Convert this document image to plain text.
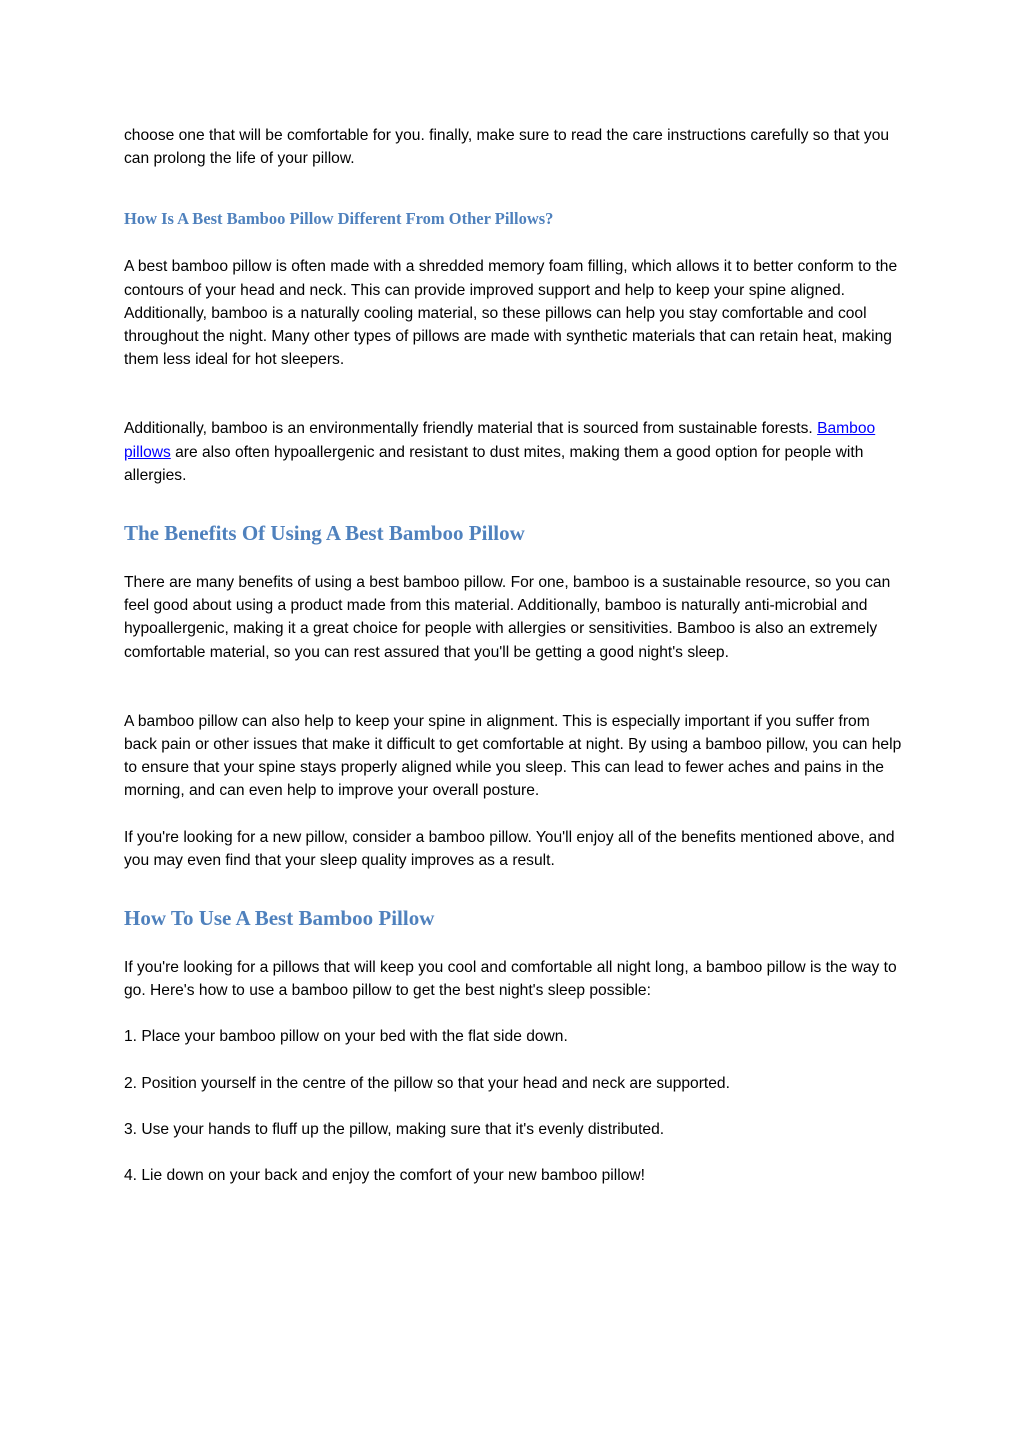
choose one that will be comfortable for you. finally, make sure to read the care instructions carefully so that you can prolong the life of your pillow.

How Is A Best Bamboo Pillow Different From Other Pillows?

A best bamboo pillow is often made with a shredded memory foam filling, which allows it to better conform to the contours of your head and neck. This can provide improved support and help to keep your spine aligned. Additionally, bamboo is a naturally cooling material, so these pillows can help you stay comfortable and cool throughout the night. Many other types of pillows are made with synthetic materials that can retain heat, making them less ideal for hot sleepers.

Additionally, bamboo is an environmentally friendly material that is sourced from sustainable forests. Bamboo pillows are also often hypoallergenic and resistant to dust mites, making them a good option for people with allergies.

The Benefits Of Using A Best Bamboo Pillow

There are many benefits of using a best bamboo pillow. For one, bamboo is a sustainable resource, so you can feel good about using a product made from this material. Additionally, bamboo is naturally anti-microbial and hypoallergenic, making it a great choice for people with allergies or sensitivities. Bamboo is also an extremely comfortable material, so you can rest assured that you'll be getting a good night's sleep.

A bamboo pillow can also help to keep your spine in alignment. This is especially important if you suffer from back pain or other issues that make it difficult to get comfortable at night. By using a bamboo pillow, you can help to ensure that your spine stays properly aligned while you sleep. This can lead to fewer aches and pains in the morning, and can even help to improve your overall posture.

If you're looking for a new pillow, consider a bamboo pillow. You'll enjoy all of the benefits mentioned above, and you may even find that your sleep quality improves as a result.

How To Use A Best Bamboo Pillow

If you're looking for a pillows that will keep you cool and comfortable all night long, a bamboo pillow is the way to go. Here's how to use a bamboo pillow to get the best night's sleep possible:

1. Place your bamboo pillow on your bed with the flat side down.

2. Position yourself in the centre of the pillow so that your head and neck are supported.

3. Use your hands to fluff up the pillow, making sure that it's evenly distributed.

4. Lie down on your back and enjoy the comfort of your new bamboo pillow!
